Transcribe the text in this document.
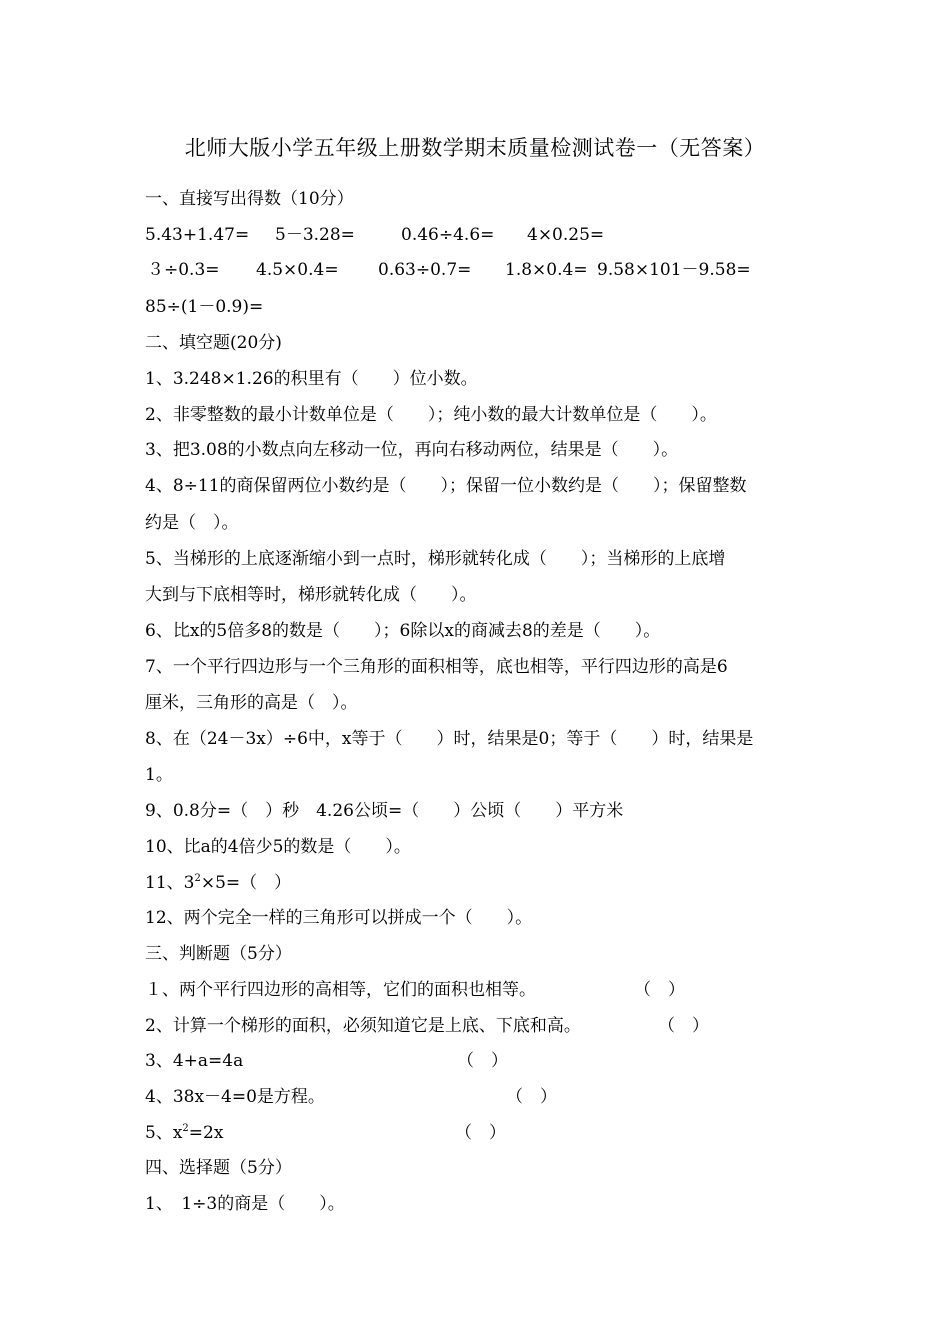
北师大版小学五年级上册数学期末质量检测试卷一（无答案）
一、直接写出得数（10分）
5.43+1.47= 5－3.28=	0.46÷4.6= 4×0.25=
３÷0.3= 4.5×0.4= 0.63÷0.7= 1.8×0.4= 9.58×101－9.58=
85÷(1－0.9)=
二、填空题(20分)
1、3.248×1.26的积里有（　　）位小数。
2、非零整数的最小计数单位是（　　）；纯小数的最大计数单位是（　　）。
3、把3.08的小数点向左移动一位，再向右移动两位，结果是（　　）。
4、8÷11的商保留两位小数约是（　　）；保留一位小数约是（　　）；保留整数
约是（　）。
5、当梯形的上底逐渐缩小到一点时，梯形就转化成（　　）；当梯形的上底增
大到与下底相等时，梯形就转化成（　　）。
6、比x的5倍多8的数是（　　）；6除以x的商减去8的差是（　　）。
7、一个平行四边形与一个三角形的面积相等，底也相等，平行四边形的高是6
厘米，三角形的高是（　）。
8、在（24－3x）÷6中，x等于（　　）时，结果是0；等于（　　）时，结果是
1。
9、0.8分=（　）秒　4.26公顷=（　　）公顷（　　）平方米
10、比a的4倍少5的数是（　　）。
11、$3^2\times 5=$（　）
12、两个完全一样的三角形可以拼成一个（　　）。
三、判断题（5分）
１、两个平行四边形的高相等，它们的面积也相等。	（　）
2、计算一个梯形的面积，必须知道它是上底、下底和高。	（　）
3、4+a=4a	（　）
4、38x－4=0是方程。	（　）
5、$x^2=2x$	（　）
四、选择题（5分）
1、　1÷3的商是（　　）。
